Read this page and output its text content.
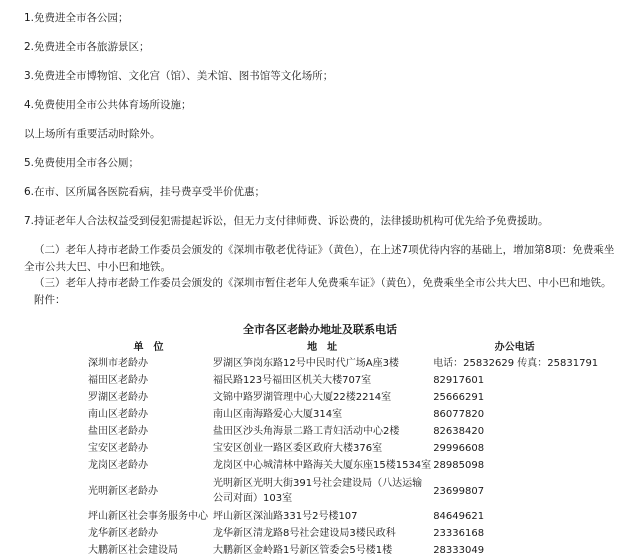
1.免费进全市各公园；
2.免费进全市各旅游景区；
3.免费进全市博物馆、文化宫（馆）、美术馆、图书馆等文化场所；
4.免费使用全市公共体育场所设施；
以上场所有重要活动时除外。
5.免费使用全市各公厕；
6.在市、区所属各医院看病，挂号费享受半价优惠；
7.持证老年人合法权益受到侵犯需提起诉讼，但无力支付律师费、诉讼费的，法律援助机构可优先给予免费援助。
（二）老年人持市老龄工作委员会颁发的《深圳市敬老优待证》（黄色），在上述7项优待内容的基础上，增加第8项：免费乘坐全市公共大巴、中小巴和地铁。
（三）老年人持市老龄工作委员会颁发的《深圳市暂住老年人免费乘车证》（黄色），免费乘坐全市公共大巴、中小巴和地铁。
附件：
全市各区老龄办地址及联系电话
单　位	地　址	办公电话
深圳市老龄办	罗湖区笋岗东路12号中民时代广场A座3楼	电话：25832629 传真：25831791
福田区老龄办	福民路123号福田区机关大楼707室	82917601
罗湖区老龄办	文锦中路罗湖管理中心大厦22楼2214室	25666291
南山区老龄办	南山区南海路爱心大厦314室	86077820
盐田区老龄办	盐田区沙头角海景二路工青妇活动中心2楼	82638420
宝安区老龄办	宝安区创业一路区委区政府大楼376室	29996608
龙岗区老龄办	龙岗区中心城清林中路海关大厦东座15楼1534室	28985098
光明新区老龄办	光明新区光明大街391号社会建设局（八达运输公司对面）103室	23699807
坪山新区社会事务服务中心	坪山新区深汕路331号2号楼107	84649621
龙华新区老龄办	龙华新区清龙路8号社会建设局3楼民政科	23336168
大鹏新区社会建设局	大鹏新区金岭路1号新区管委会5号楼1楼	28333049
